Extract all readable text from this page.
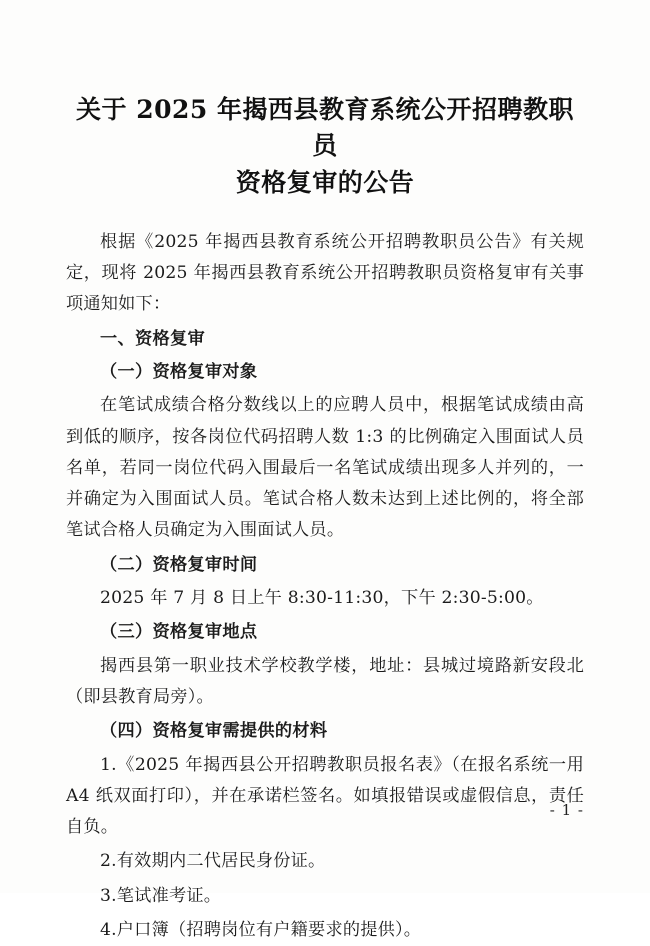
关于 2025 年揭西县教育系统公开招聘教职员
资格复审的公告

根据《2025 年揭西县教育系统公开招聘教职员公告》有关规定，现将 2025 年揭西县教育系统公开招聘教职员资格复审有关事项通知如下：

一、资格复审

（一）资格复审对象

在笔试成绩合格分数线以上的应聘人员中，根据笔试成绩由高到低的顺序，按各岗位代码招聘人数 1:3 的比例确定入围面试人员名单，若同一岗位代码入围最后一名笔试成绩出现多人并列的，一并确定为入围面试人员。笔试合格人数未达到上述比例的，将全部笔试合格人员确定为入围面试人员。

（二）资格复审时间

2025 年 7 月 8 日上午 8:30-11:30，下午 2:30-5:00。

（三）资格复审地点

揭西县第一职业技术学校教学楼，地址：县城过境路新安段北（即县教育局旁）。

（四）资格复审需提供的材料

1.《2025 年揭西县公开招聘教职员报名表》（在报名系统一用 A4 纸双面打印），并在承诺栏签名。如填报错误或虚假信息，责任自负。

2.有效期内二代居民身份证。

3.笔试准考证。

4.户口簿（招聘岗位有户籍要求的提供）。

- 1 -
